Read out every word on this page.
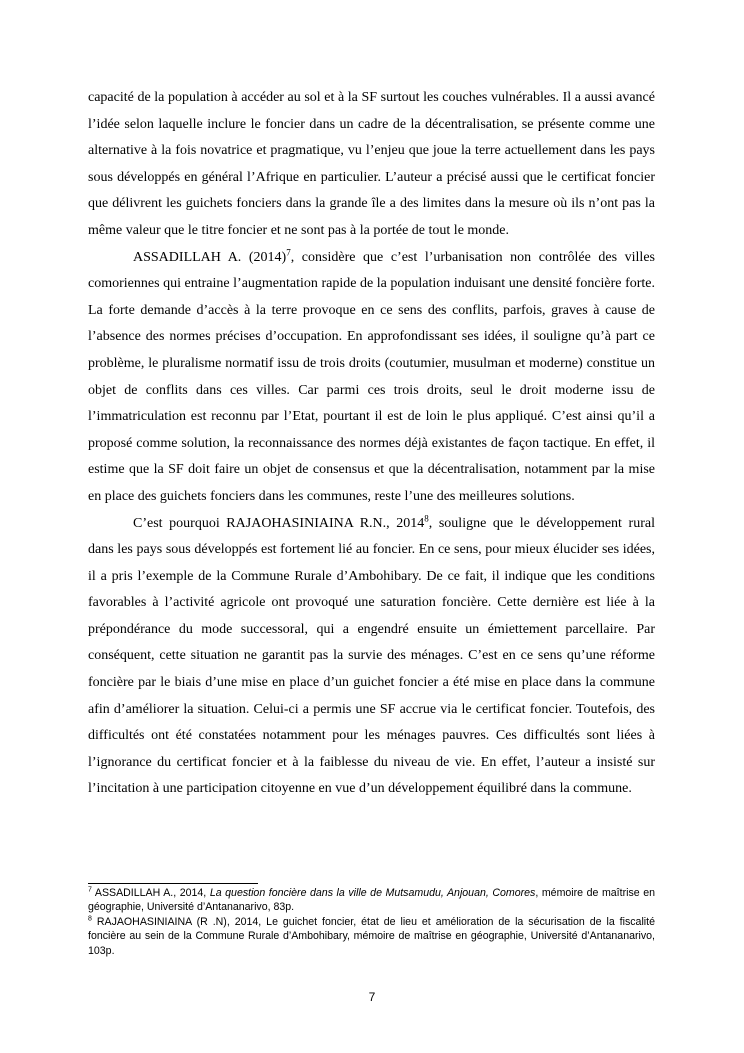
capacité de la population à accéder au sol et à la SF surtout les couches vulnérables. Il a aussi avancé l’idée selon laquelle inclure le foncier dans un cadre de la décentralisation, se présente comme une alternative à la fois novatrice et pragmatique, vu l’enjeu que joue la terre actuellement dans les pays sous développés en général l’Afrique en particulier. L’auteur a précisé aussi que le certificat foncier que délivrent les guichets fonciers dans la grande île a des limites dans la mesure où ils n’ont pas la même valeur que le titre foncier et ne sont pas à la portée de tout le monde.

ASSADILLAH A. $(2014)^7$, considère que c’est l’urbanisation non contrôlée des villes comoriennes qui entraine l’augmentation rapide de la population induisant une densité foncière forte. La forte demande d’accès à la terre provoque en ce sens des conflits, parfois, graves à cause de l’absence des normes précises d’occupation. En approfondissant ses idées, il souligne qu’à part ce problème, le pluralisme normatif issu de trois droits (coutumier, musulman et moderne) constitue un objet de conflits dans ces villes. Car parmi ces trois droits, seul le droit moderne issu de l’immatriculation est reconnu par l’Etat, pourtant il est de loin le plus appliqué. C’est ainsi qu’il a proposé comme solution, la reconnaissance des normes déjà existantes de façon tactique. En effet, il estime que la SF doit faire un objet de consensus et que la décentralisation, notamment par la mise en place des guichets fonciers dans les communes, reste l’une des meilleures solutions.

C’est pourquoi RAJAOHASINIAINA R.N., 2014$^8$, souligne que le développement rural dans les pays sous développés est fortement lié au foncier. En ce sens, pour mieux élucider ses idées, il a pris l’exemple de la Commune Rurale d’Ambohibary. De ce fait, il indique que les conditions favorables à l’activité agricole ont provoqué une saturation foncière. Cette dernière est liée à la prépondérance du mode successoral, qui a engendré ensuite un émiettement parcellaire. Par conséquent, cette situation ne garantit pas la survie des ménages. C’est en ce sens qu’une réforme foncière par le biais d’une mise en place d’un guichet foncier a été mise en place dans la commune afin d’améliorer la situation. Celui-ci a permis une SF accrue via le certificat foncier. Toutefois, des difficultés ont été constatées notamment pour les ménages pauvres. Ces difficultés sont liées à l’ignorance du certificat foncier et à la faiblesse du niveau de vie. En effet, l’auteur a insisté sur l’incitation à une participation citoyenne en vue d’un développement équilibré dans la commune.

$^7$ ASSADILLAH A., 2014, La question foncière dans la ville de Mutsamudu, Anjouan, Comores, mémoire de maîtrise en géographie, Université d’Antananarivo, 83p.

$^8$ RAJAOHASINIAINA (R .N), 2014, Le guichet foncier, état de lieu et amélioration de la sécurisation de la fiscalité foncière au sein de la Commune Rurale d’Ambohibary, mémoire de maîtrise en géographie, Université d’Antananarivo, 103p.

7
